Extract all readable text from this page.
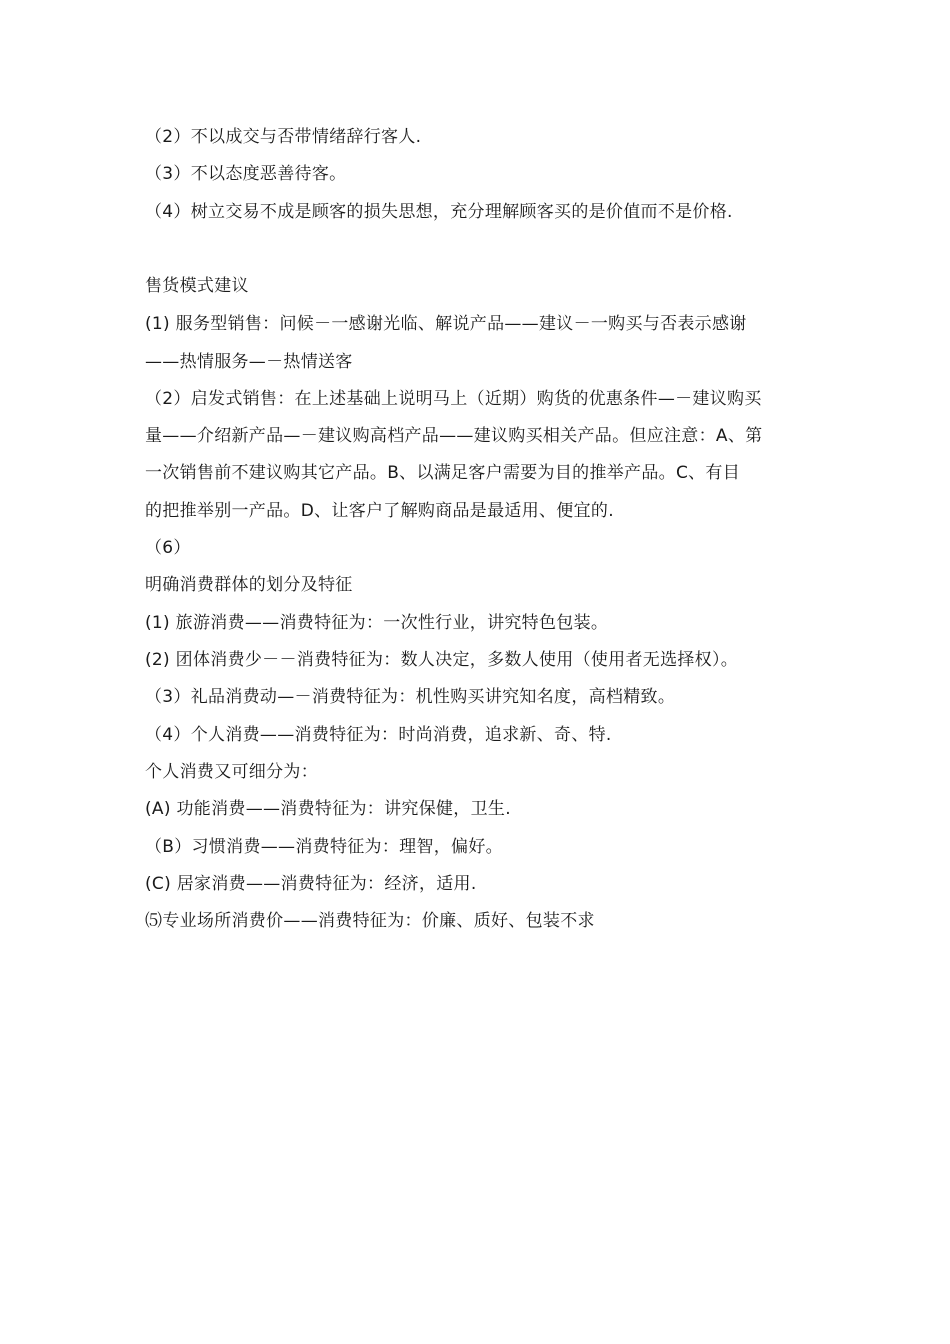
（2）不以成交与否带情绪辞行客人.
（3）不以态度恶善待客。
（4）树立交易不成是顾客的损失思想，充分理解顾客买的是价值而不是价格.
售货模式建议
(1) 服务型销售：问候－一感谢光临、解说产品——建议－一购买与否表示感谢
——热情服务—－热情送客
（2）启发式销售：在上述基础上说明马上（近期）购货的优惠条件—－建议购买
量——介绍新产品—－建议购高档产品——建议购买相关产品。但应注意：A、第
一次销售前不建议购其它产品。B、以满足客户需要为目的推举产品。C、有目
的把推举别一产品。D、让客户了解购商品是最适用、便宜的.
（6）
明确消费群体的划分及特征
(1) 旅游消费——消费特征为：一次性行业，讲究特色包装。
(2) 团体消费少－－消费特征为：数人决定，多数人使用（使用者无选择权）。
（3）礼品消费动—－消费特征为：机性购买讲究知名度，高档精致。
（4）个人消费——消费特征为：时尚消费，追求新、奇、特.
个人消费又可细分为：
(A) 功能消费——消费特征为：讲究保健，卫生.
（B）习惯消费——消费特征为：理智，偏好。
(C) 居家消费——消费特征为：经济，适用.
⑸专业场所消费价——消费特征为：价廉、质好、包装不求
